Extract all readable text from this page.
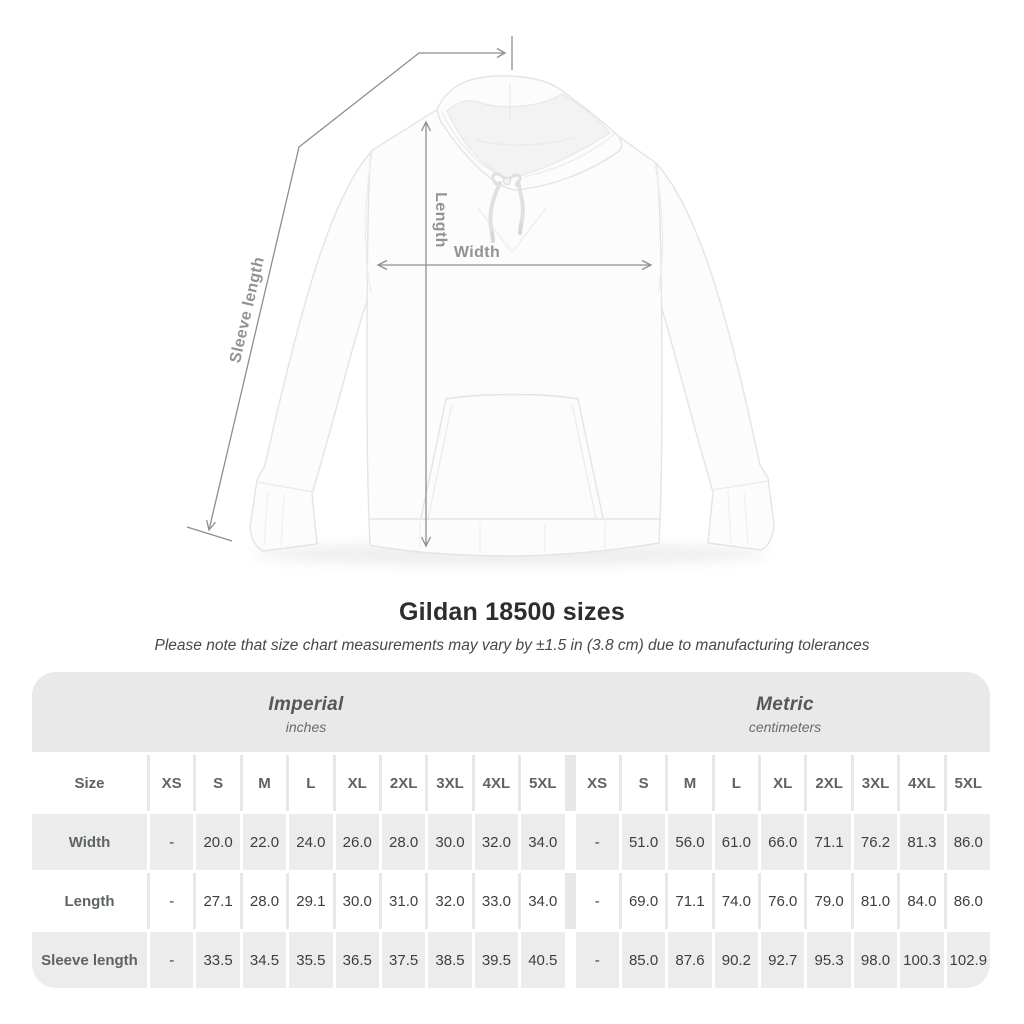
Width
Length
Sleeve length
Gildan 18500 sizes

Please note that size chart measurements may vary by ±1.5 in (3.8 cm) due to manufacturing tolerances

Imperial
inches
Metric
centimeters
Size	XS	S	M	L	XL	2XL	3XL	4XL	5XL	XS	S	M	L	XL	2XL	3XL	4XL	5XL
Width	-	20.0	22.0	24.0	26.0	28.0	30.0	32.0	34.0	-	51.0	56.0	61.0	66.0	71.1	76.2	81.3	86.0
Length	-	27.1	28.0	29.1	30.0	31.0	32.0	33.0	34.0	-	69.0	71.1	74.0	76.0	79.0	81.0	84.0	86.0
Sleeve length	-	33.5	34.5	35.5	36.5	37.5	38.5	39.5	40.5	-	85.0	87.6	90.2	92.7	95.3	98.0 100.3 102.9
